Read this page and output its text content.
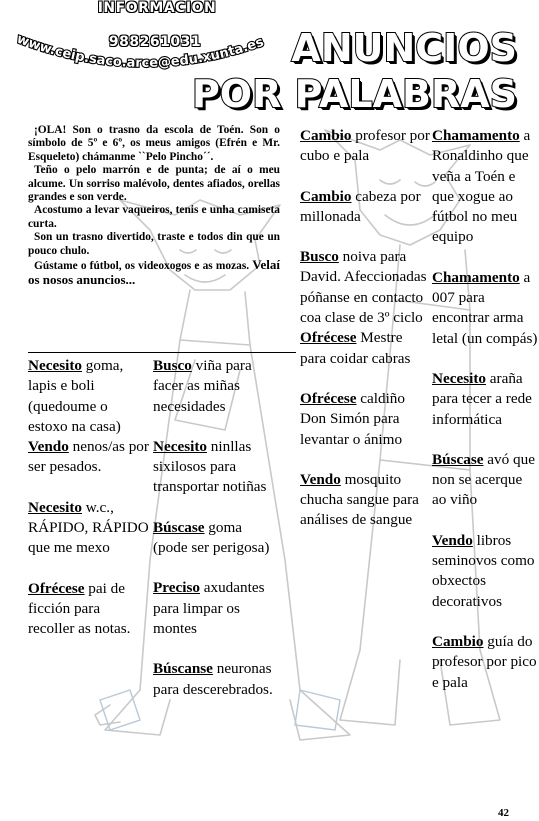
INFORMACION
988261031
www.ceip.saco.arce@edu.xunta.es ANUNCIOS
POR PALABRAS

¡OLA! Son o trasno da escola de Toén. Son o símbolo de 5º e 6º, os meus amigos (Efrén e Mr. Esqueleto) chámanme ``Pelo Pincho´´.

Teño o pelo marrón e de punta; de aí o meu alcume. Un sorriso malévolo, dentes afiados, orellas grandes e son verde.

Acostumo a levar vaqueiros, tenis e unha camiseta curta.

Son un trasno divertido, traste e todos din que un pouco chulo.

Gústame o fútbol, os videoxogos e as mozas. Velaí os nosos anuncios...

Necesito goma, lapis e boli (quedoume o estoxo na casa)

Vendo nenos/as por ser pesados.

Necesito w.c., RÁPIDO, RÁPIDO que me mexo

Ofrécese pai de ficción para recoller as notas.

Busco viña para facer as miñas necesidades

Necesito ninllas sixilosos para transportar notiñas

Búscase goma (pode ser perigosa)

Preciso axudantes para limpar os montes

Búscanse neuronas para descerebrados.

Cambio profesor por cubo e pala

Cambio cabeza por millonada

Busco noiva para David. Afeccionadas póñanse en contacto coa clase de 3º ciclo

Ofrécese Mestre para coidar cabras

Ofrécese caldiño Don Simón para levantar o ánimo

Vendo mosquito chucha sangue para análises de sangue

Chamamento a Ronaldinho que veña a Toén e que xogue ao fútbol no meu equipo

Chamamento a 007 para encontrar arma letal (un compás)

Necesito araña para tecer a rede informática

Búscase avó que non se acerque ao viño

Vendo libros seminovos como obxectos decorativos

Cambio guía do profesor por pico e pala

42
